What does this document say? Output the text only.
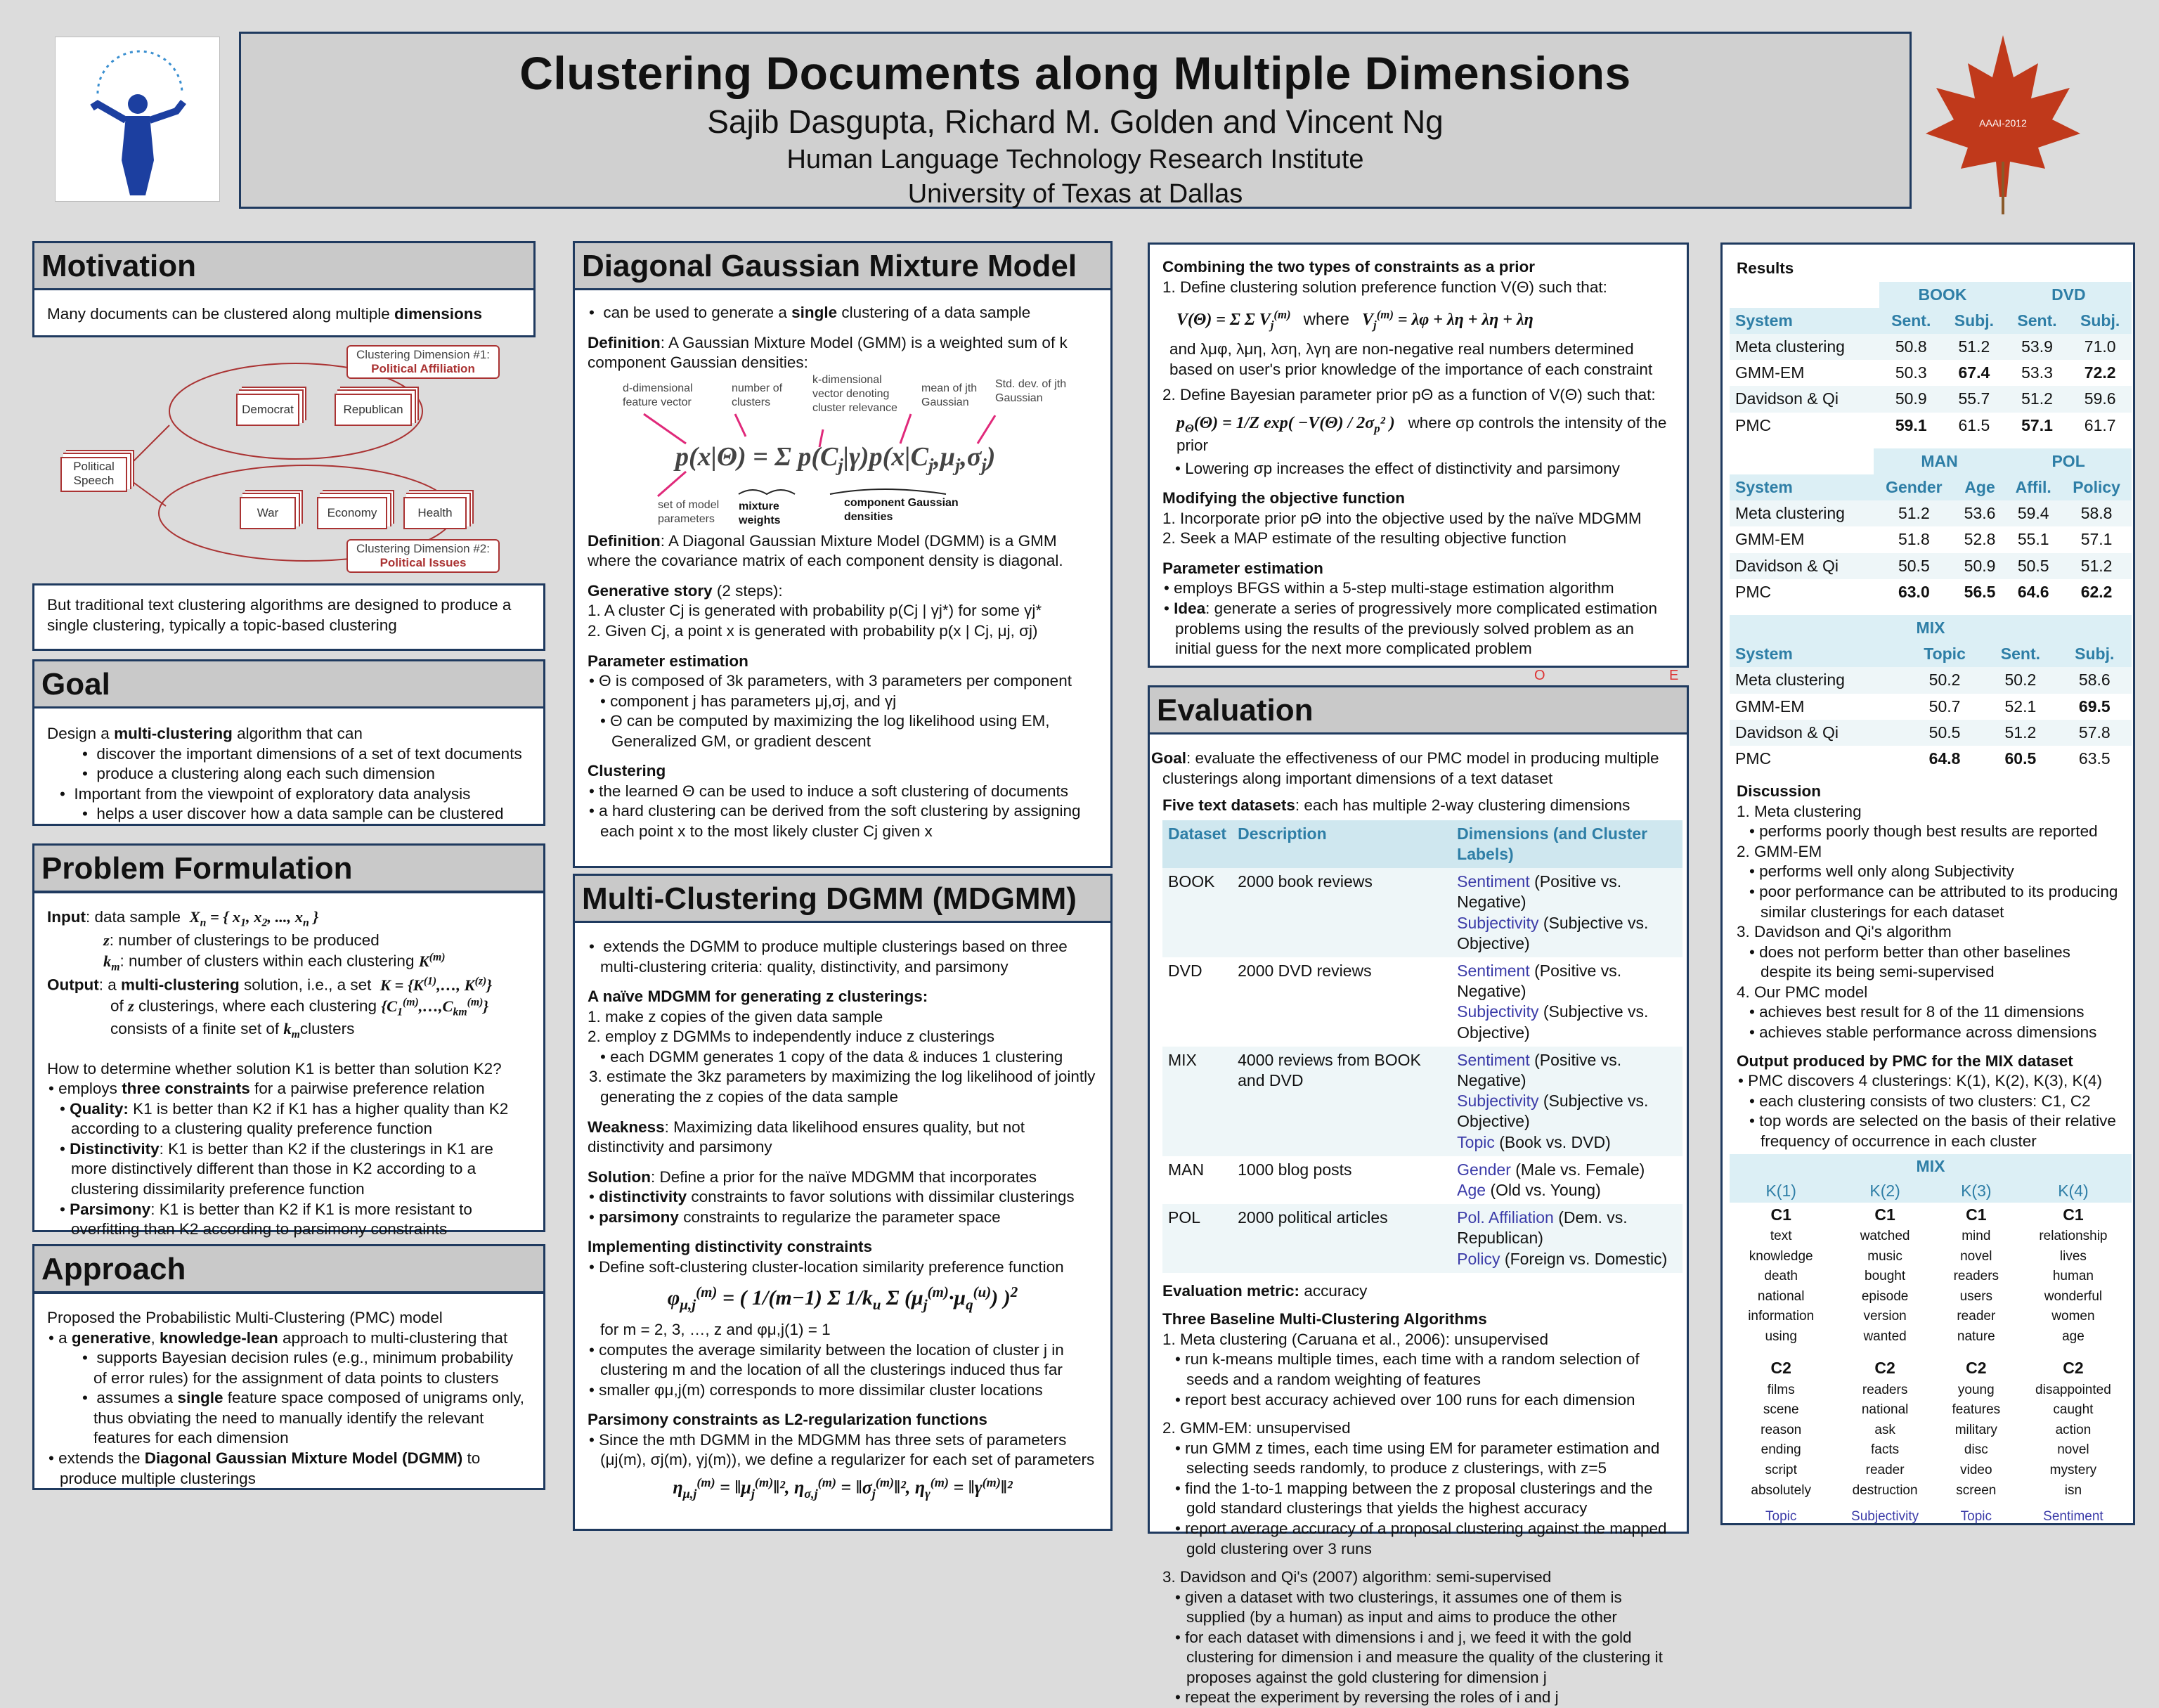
Clustering Documents along Multiple Dimensions
Sajib Dasgupta, Richard M. Golden and Vincent Ng
Human Language Technology Research Institute
University of Texas at Dallas
AAAI-2012
Motivation
Many documents can be clustered along multiple dimensions
Clustering Dimension #1:
Political Affiliation
Clustering Dimension #2:
Political Issues
Political Speech
Democrat	Republican
War	Economy	Health
But traditional text clustering algorithms are designed to produce a single clustering, typically a topic-based clustering
Goal
Design a multi-clustering algorithm that can
•  discover the important dimensions of a set of text documents
•  produce a clustering along each such dimension
•  Important from the viewpoint of exploratory data analysis
•  helps a user discover how a data sample can be clustered
Problem Formulation
Input: data sample $X_n$ = { $x_1$, $x_2$, ..., $x_n$ }
z: number of clusterings to be produced
$k_m$: number of clusters within each clustering $K^{(m)}$
Output: a multi-clustering solution, i.e., a set $K = \{K^{(1)},\dots$, $K^{(z)}$}
of z clusterings, where each clustering $\{C_1^{(m)},\dots,C_{km}^{(m)}\}$
consists of a finite set of $k_mclusters$
How to determine whether solution K1 is better than solution K2?
• employs three constraints for a pairwise preference relation
• Quality: K1 is better than K2 if K1 has a higher quality than K2 according to a clustering quality preference function
• Distinctivity: K1 is better than K2 if the clusterings in K1 are more distinctively different than those in K2 according to a clustering dissimilarity preference function
• Parsimony: K1 is better than K2 if K1 is more resistant to overfitting than K2 according to parsimony constraints
Approach
Proposed the Probabilistic Multi-Clustering (PMC) model
• a generative, knowledge-lean approach to multi-clustering that
•  supports Bayesian decision rules (e.g., minimum probability of error rules) for the assignment of data points to clusters
•  assumes a single feature space composed of unigrams only, thus obviating the need to manually identify the relevant features for each dimension
• extends the Diagonal Gaussian Mixture Model (DGMM) to produce multiple clusterings
Diagonal Gaussian Mixture Model
•  can be used to generate a single clustering of a data sample
Definition: A Gaussian Mixture Model (GMM) is a weighted sum of k component Gaussian densities:
d-dimensional feature vector
number of clusters
k-dimensional vector denoting cluster relevance
mean of jth Gaussian
Std. dev. of jth Gaussian
p(x|Θ) = Σ $p(C_j|\gamma)p(x|C_j,\mu_j,\sigma_j)$
set of model parameters
mixture weights
component Gaussian densities
Definition: A Diagonal Gaussian Mixture Model (DGMM) is a GMM where the covariance matrix of each component density is diagonal.
Generative story (2 steps):
1. A cluster Cj is generated with probability p(Cj | γj*) for some γj*
2. Given Cj, a point x is generated with probability p(x | Cj, μj, σj)
Parameter estimation
• Θ is composed of 3k parameters, with 3 parameters per component
• component j has parameters μj,σj, and γj
• Θ can be computed by maximizing the log likelihood using EM, Generalized GM, or gradient descent
Clustering
• the learned Θ can be used to induce a soft clustering of documents
• a hard clustering can be derived from the soft clustering by assigning each point x to the most likely cluster Cj given x
Multi-Clustering DGMM (MDGMM)
•  extends the DGMM to produce multiple clusterings based on three multi-clustering criteria: quality, distinctivity, and parsimony
A naïve MDGMM for generating z clusterings:
1. make z copies of the given data sample
2. employ z DGMMs to independently induce z clusterings
• each DGMM generates 1 copy of the data & induces 1 clustering
3. estimate the 3kz parameters by maximizing the log likelihood of jointly generating the z copies of the data sample
Weakness: Maximizing data likelihood ensures quality, but not distinctivity and parsimony
Solution: Define a prior for the naïve MDGMM that incorporates
• distinctivity constraints to favor solutions with dissimilar clusterings
• parsimony constraints to regularize the parameter space
Implementing distinctivity constraints
• Define soft-clustering cluster-location similarity preference function
$\varphi_{\mu,j}^{(m)}$ = ( 1/(m−1) Σ $1/k_u$ Σ $(\mu_j^{(m)}\cdot\mu_q^{(u)})$ )$^2$
for m = 2, 3, …, z and φμ,j(1) = 1
• computes the average similarity between the location of cluster j in clustering m and the location of all the clusterings induced thus far
• smaller φμ,j(m) corresponds to more dissimilar cluster locations
Parsimony constraints as L2-regularization functions
• Since the mth DGMM in the MDGMM has three sets of parameters (μj(m), σj(m), γj(m)), we define a regularizer for each set of parameters
$\eta_{\mu,j}^{(m)}$ = $‖\mu_j^{(m)}‖^2$, $\eta_{\sigma,j}^{(m)}$ = $‖\sigma_j^{(m)}‖^2$, $\eta_\gamma^{(m)}$ = $‖\gamma^{(m)}‖^2$
Combining the two types of constraints as a prior
1. Define clustering solution preference function V(Θ) such that:
V(Θ) = Σ Σ $V_j^{(m)}$ where   $V_j^{(m)} = \lambda\varphi + \lambda\eta + \lambda\eta + \lambda\eta$
and λμφ, λμη, λση, λγη are non-negative real numbers determined based on user's prior knowledge of the importance of each constraint
2. Define Bayesian parameter prior pΘ as a function of V(Θ) such that:
$p_\Theta(\Theta) = 1/Z$ $\exp( -V(\Theta) / 2\sigma_p^2$ ) where σp controls the intensity of the prior
• Lowering σp increases the effect of distinctivity and parsimony
Modifying the objective function
1. Incorporate prior pΘ into the objective used by the naïve MDGMM
2. Seek a MAP estimate of the resulting objective function
Parameter estimation
• employs BFGS within a 5-step multi-stage estimation algorithm
• Idea: generate a series of progressively more complicated estimation problems using the results of the previously solved problem as an initial guess for the next more complicated problem
O	E
Evaluation
Goal: evaluate the effectiveness of our PMC model in producing multiple clusterings along important dimensions of a text dataset
Five text datasets: each has multiple 2-way clustering dimensions
Dataset	Description	Dimensions (and Cluster Labels)
BOOK	2000 book reviews	Sentiment (Positive vs. Negative)
Subjectivity (Subjective vs. Objective)
DVD	2000 DVD reviews	Sentiment (Positive vs. Negative)
Subjectivity (Subjective vs. Objective)
MIX	4000 reviews from BOOK and DVD	Sentiment (Positive vs. Negative)
Subjectivity (Subjective vs. Objective)
Topic (Book vs. DVD)
MAN	1000 blog posts	Gender (Male vs. Female)
Age (Old vs. Young)
POL	2000 political articles	Pol. Affiliation (Dem. vs. Republican)
Policy (Foreign vs. Domestic)
Evaluation metric: accuracy
Three Baseline Multi-Clustering Algorithms
1. Meta clustering (Caruana et al., 2006): unsupervised
• run k-means multiple times, each time with a random selection of seeds and a random weighting of features
• report best accuracy achieved over 100 runs for each dimension
2. GMM-EM: unsupervised
• run GMM z times, each time using EM for parameter estimation and selecting seeds randomly, to produce z clusterings, with z=5
• find the 1-to-1 mapping between the z proposal clusterings and the gold standard clusterings that yields the highest accuracy
• report average accuracy of a proposal clustering against the mapped gold clustering over 3 runs
3. Davidson and Qi's (2007) algorithm: semi-supervised
• given a dataset with two clusterings, it assumes one of them is supplied (by a human) as input and aims to produce the other
• for each dataset with dimensions i and j, we feed it with the gold clustering for dimension i and measure the quality of the clustering it proposes against the gold clustering for dimension j
• repeat the experiment by reversing the roles of i and j
Results
	BOOK		DVD	
System	Sent.	Subj.	Sent.	Subj.
Meta clustering	50.8	51.2	53.9	71.0
GMM-EM	50.3	67.4	53.3	72.2
Davidson & Qi	50.9	55.7	51.2	59.6
PMC	59.1	61.5	57.1	61.7
	MAN		POL	
System	Gender	Age	Affil.	Policy
Meta clustering	51.2	53.6	59.4	58.8
GMM-EM	51.8	52.8	55.1	57.1
Davidson & Qi	50.5	50.9	50.5	51.2
PMC	63.0	56.5	64.6	62.2
MIX			
System	Topic	Sent.	Subj.
Meta clustering	50.2	50.2	58.6
GMM-EM	50.7	52.1	69.5
Davidson & Qi	50.5	51.2	57.8
PMC	64.8	60.5	63.5
Discussion
1. Meta clustering
• performs poorly though best results are reported
2. GMM-EM
• performs well only along Subjectivity
• poor performance can be attributed to its producing similar clusterings for each dataset
3. Davidson and Qi's algorithm
• does not perform better than other baselines despite its being semi-supervised
4. Our PMC model
• achieves best result for 8 of the 11 dimensions
• achieves stable performance across dimensions
Output produced by PMC for the MIX dataset
• PMC discovers 4 clusterings: K(1), K(2), K(3), K(4)
• each clustering consists of two clusters: C1, C2
• top words are selected on the basis of their relative frequency of occurrence in each cluster
MIX			
K(1)	K(2)	K(3)	K(4)
C1	C1	C1	C1
text	watched	mind	relationship
knowledge	music	novel	lives
death	bought	readers	human
national	episode	users	wonderful
information	version	reader	women
using	wanted	nature	age
C2	C2	C2	C2
films	readers	young	disappointed
scene	national	features	caught
reason	ask	military	action
ending	facts	disc	novel
script	reader	video	mystery
absolutely	destruction	screen	isn
Topic	Subjectivity	Topic	Sentiment
